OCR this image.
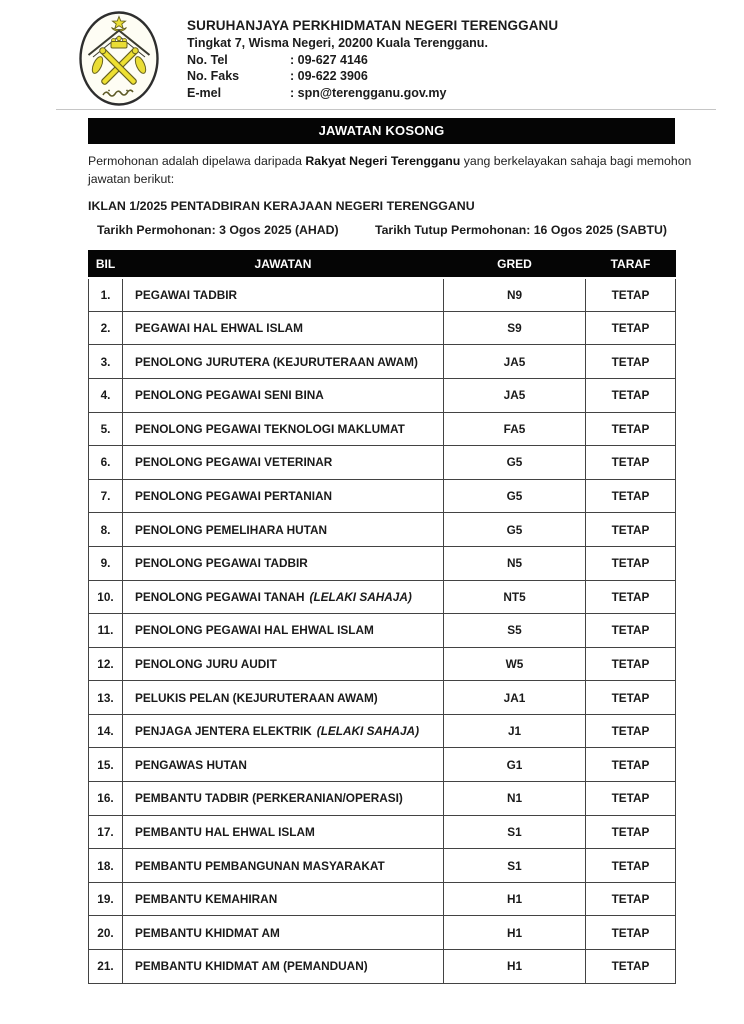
SURUHANJAYA PERKHIDMATAN NEGERI TERENGGANU
Tingkat 7, Wisma Negeri, 20200 Kuala Terengganu.
No. Tel	: 09-627 4146
No. Faks	: 09-622 3906
E-mel	: spn@terengganu.gov.my
JAWATAN KOSONG

Permohonan adalah dipelawa daripada Rakyat Negeri Terengganu yang berkelayakan sahaja bagi memohon jawatan berikut:

IKLAN 1/2025 PENTADBIRAN KERAJAAN NEGERI TERENGGANU
Tarikh Permohonan: 3 Ogos 2025 (AHAD)	Tarikh Tutup Permohonan: 16 Ogos 2025 (SABTU)
BIL	JAWATAN	GRED	TARAF
1.	PEGAWAI TADBIR	N9	TETAP
2.	PEGAWAI HAL EHWAL ISLAM	S9	TETAP
3.	PENOLONG JURUTERA (KEJURUTERAAN AWAM)	JA5	TETAP
4.	PENOLONG PEGAWAI SENI BINA	JA5	TETAP
5.	PENOLONG PEGAWAI TEKNOLOGI MAKLUMAT	FA5	TETAP
6.	PENOLONG PEGAWAI VETERINAR	G5	TETAP
7.	PENOLONG PEGAWAI PERTANIAN	G5	TETAP
8.	PENOLONG PEMELIHARA HUTAN	G5	TETAP
9.	PENOLONG PEGAWAI TADBIR	N5	TETAP
10.	PENOLONG PEGAWAI TANAH (LELAKI SAHAJA)	NT5	TETAP
11.	PENOLONG PEGAWAI HAL EHWAL ISLAM	S5	TETAP
12.	PENOLONG JURU AUDIT	W5	TETAP
13.	PELUKIS PELAN (KEJURUTERAAN AWAM)	JA1	TETAP
14.	PENJAGA JENTERA ELEKTRIK (LELAKI SAHAJA)	J1	TETAP
15.	PENGAWAS HUTAN	G1	TETAP
16.	PEMBANTU TADBIR (PERKERANIAN/OPERASI)	N1	TETAP
17.	PEMBANTU HAL EHWAL ISLAM	S1	TETAP
18.	PEMBANTU PEMBANGUNAN MASYARAKAT	S1	TETAP
19.	PEMBANTU KEMAHIRAN	H1	TETAP
20.	PEMBANTU KHIDMAT AM	H1	TETAP
21.	PEMBANTU KHIDMAT AM (PEMANDUAN)	H1	TETAP
